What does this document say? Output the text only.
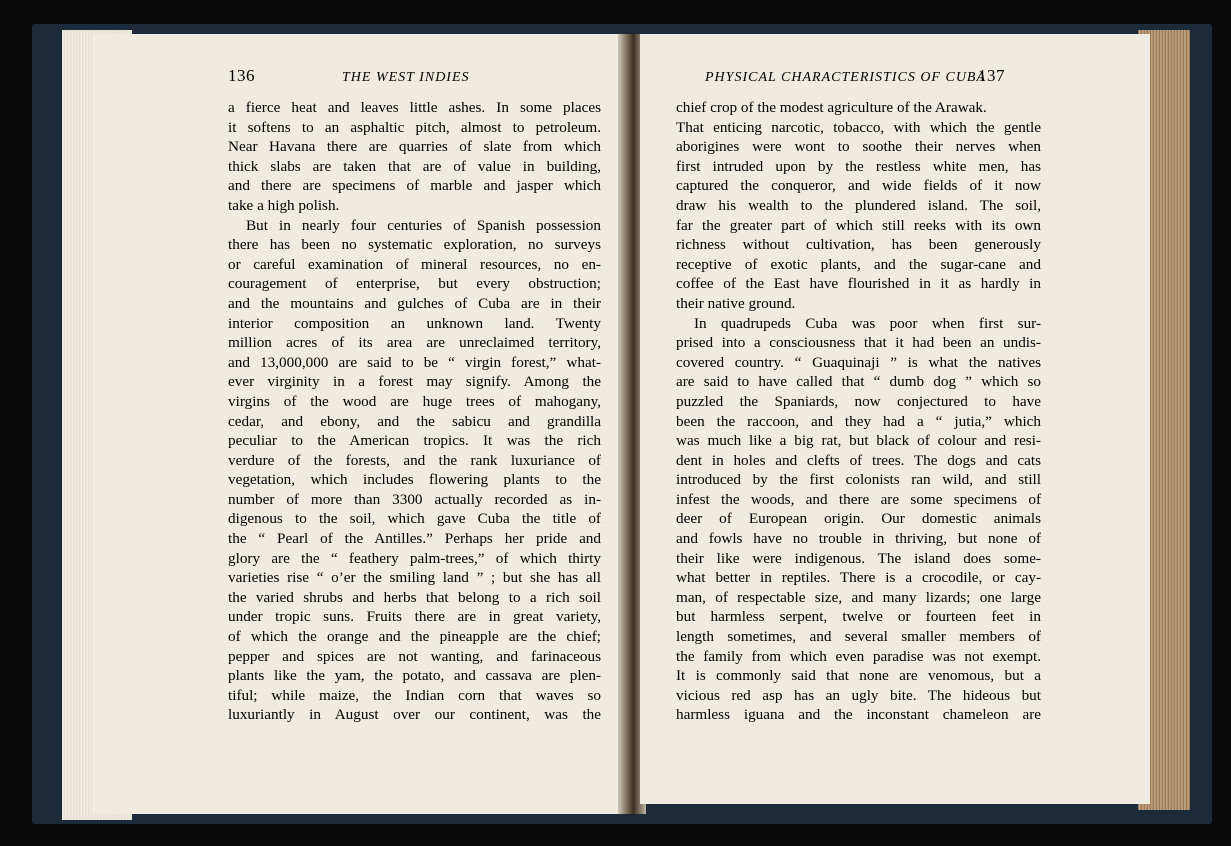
136	THE WEST INDIES	PHYSICAL CHARACTERISTICS OF CUBA
137
a fierce heat and leaves little ashes. In some places
it softens to an asphaltic pitch, almost to petroleum.
Near Havana there are quarries of slate from which
thick slabs are taken that are of value in building,
and there are specimens of marble and jasper which
take a high polish.
But in nearly four centuries of Spanish possession
there has been no systematic exploration, no surveys
or careful examination of mineral resources, no en-
couragement of enterprise, but every obstruction;
and the mountains and gulches of Cuba are in their
interior composition an unknown land. Twenty
million acres of its area are unreclaimed territory,
and 13,000,000 are said to be “ virgin forest,” what-
ever virginity in a forest may signify. Among the
virgins of the wood are huge trees of mahogany,
cedar, and ebony, and the sabicu and grandilla
peculiar to the American tropics. It was the rich
verdure of the forests, and the rank luxuriance of
vegetation, which includes flowering plants to the
number of more than 3300 actually recorded as in-
digenous to the soil, which gave Cuba the title of
the “ Pearl of the Antilles.” Perhaps her pride and
glory are the “ feathery palm-trees,” of which thirty
varieties rise “ o’er the smiling land ” ; but she has all
the varied shrubs and herbs that belong to a rich soil
under tropic suns. Fruits there are in great variety,
of which the orange and the pineapple are the chief;
pepper and spices are not wanting, and farinaceous
plants like the yam, the potato, and cassava are plen-
tiful; while maize, the Indian corn that waves so
luxuriantly in August over our continent, was the
chief crop of the modest agriculture of the Arawak.
That enticing narcotic, tobacco, with which the gentle
aborigines were wont to soothe their nerves when
first intruded upon by the restless white men, has
captured the conqueror, and wide fields of it now
draw his wealth to the plundered island. The soil,
far the greater part of which still reeks with its own
richness without cultivation, has been generously
receptive of exotic plants, and the sugar-cane and
coffee of the East have flourished in it as hardly in
their native ground.
In quadrupeds Cuba was poor when first sur-
prised into a consciousness that it had been an undis-
covered country. “ Guaquinaji ” is what the natives
are said to have called that “ dumb dog ” which so
puzzled the Spaniards, now conjectured to have
been the raccoon, and they had a “ jutia,” which
was much like a big rat, but black of colour and resi-
dent in holes and clefts of trees. The dogs and cats
introduced by the first colonists ran wild, and still
infest the woods, and there are some specimens of
deer of European origin. Our domestic animals
and fowls have no trouble in thriving, but none of
their like were indigenous. The island does some-
what better in reptiles. There is a crocodile, or cay-
man, of respectable size, and many lizards; one large
but harmless serpent, twelve or fourteen feet in
length sometimes, and several smaller members of
the family from which even paradise was not exempt.
It is commonly said that none are venomous, but a
vicious red asp has an ugly bite. The hideous but
harmless iguana and the inconstant chameleon are
